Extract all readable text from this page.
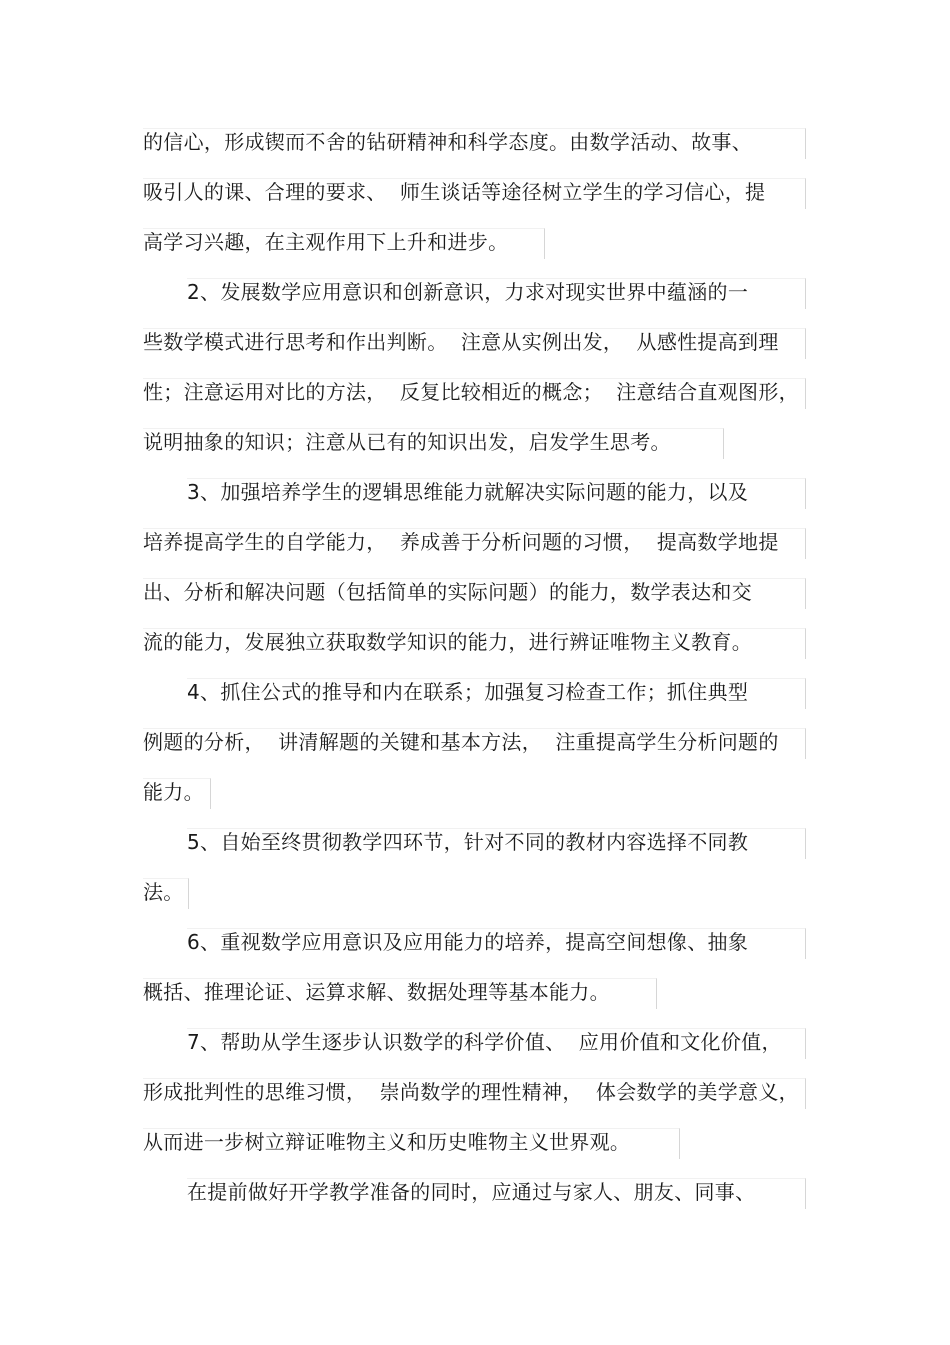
的信心，形成锲而不舍的钻研精神和科学态度。由数学活动、故事、
吸引人的课、合理的要求、  师生谈话等途径树立学生的学习信心，提
高学习兴趣，在主观作用下上升和进步。
2、发展数学应用意识和创新意识，力求对现实世界中蕴涵的一
些数学模式进行思考和作出判断。  注意从实例出发，  从感性提高到理
性；注意运用对比的方法，  反复比较相近的概念；  注意结合直观图形，
说明抽象的知识；注意从已有的知识出发，启发学生思考。
3、加强培养学生的逻辑思维能力就解决实际问题的能力，以及
培养提高学生的自学能力，  养成善于分析问题的习惯，  提高数学地提
出、分析和解决问题（包括简单的实际问题）的能力，数学表达和交
流的能力，发展独立获取数学知识的能力，进行辨证唯物主义教育。
4、抓住公式的推导和内在联系；加强复习检查工作；抓住典型
例题的分析，  讲清解题的关键和基本方法，  注重提高学生分析问题的
能力。
5、自始至终贯彻教学四环节，针对不同的教材内容选择不同教
法。
6、重视数学应用意识及应用能力的培养，提高空间想像、抽象
概括、推理论证、运算求解、数据处理等基本能力。
7、帮助从学生逐步认识数学的科学价值、  应用价值和文化价值，
形成批判性的思维习惯，  崇尚数学的理性精神，  体会数学的美学意义，
从而进一步树立辩证唯物主义和历史唯物主义世界观。
在提前做好开学教学准备的同时，应通过与家人、朋友、同事、
